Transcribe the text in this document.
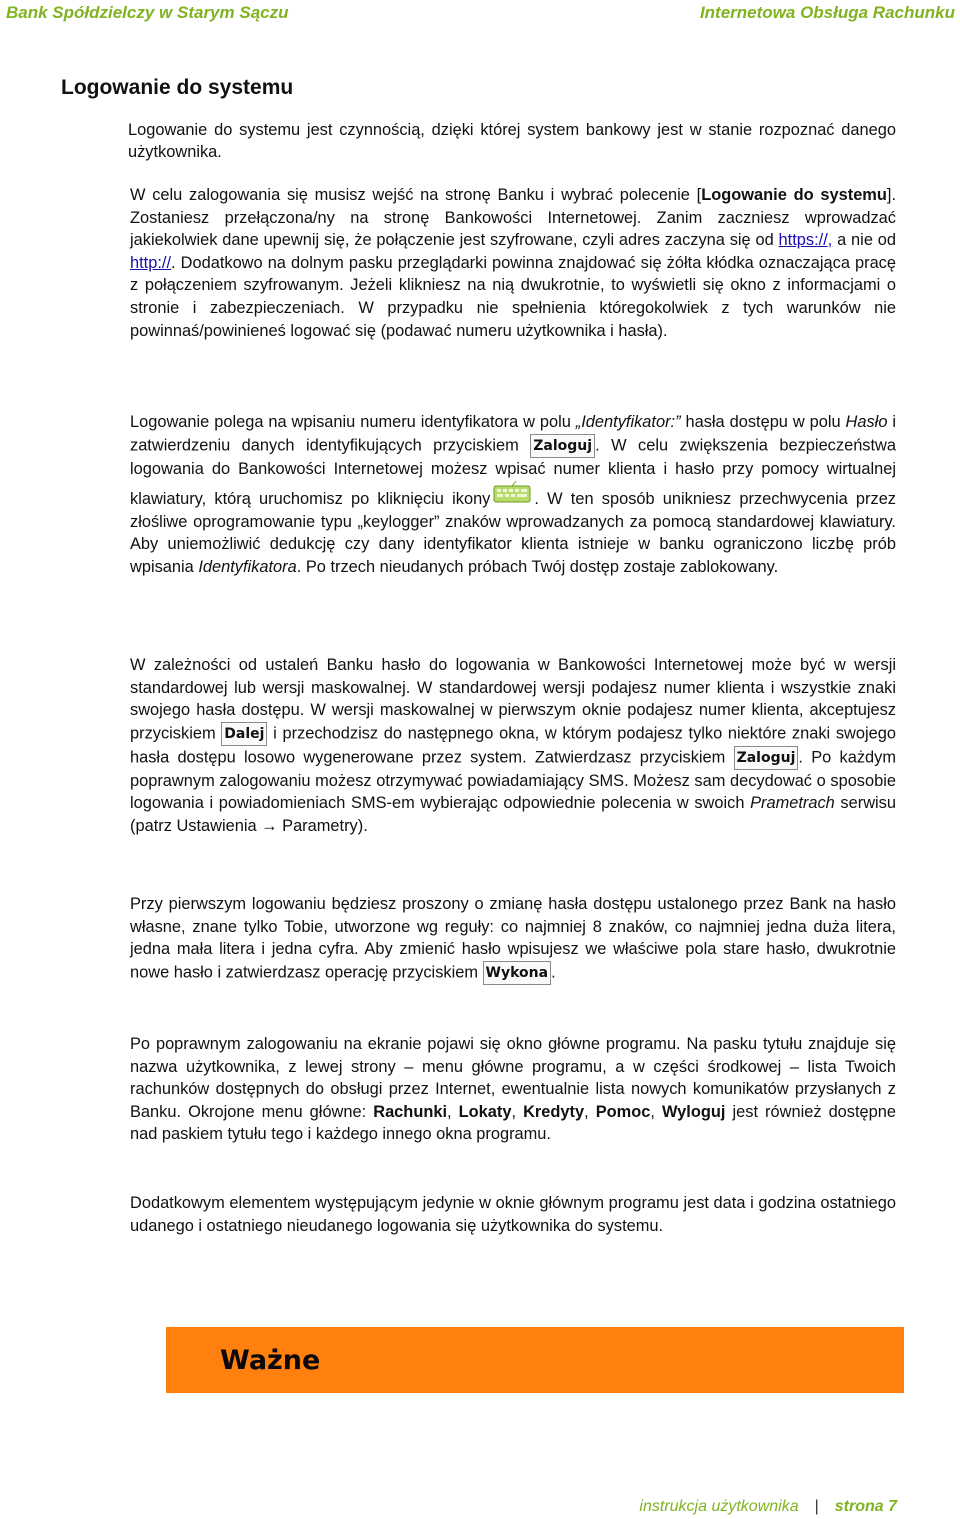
Bank Spółdzielczy w Starym Sączu	Internetowa Obsługa Rachunku
Logowanie do systemu

Logowanie do systemu jest czynnością, dzięki której system bankowy jest w stanie rozpoznać danego użytkownika.

W celu zalogowania się musisz wejść na stronę Banku i wybrać polecenie [Logowanie do systemu]. Zostaniesz przełączona/ny na stronę Bankowości Internetowej. Zanim zaczniesz wprowadzać jakiekolwiek dane upewnij się, że połączenie jest szyfrowane, czyli adres zaczyna się od https://, a nie od http://. Dodatkowo na dolnym pasku przeglądarki powinna znajdować się żółta kłódka oznaczająca pracę z połączeniem szyfrowanym. Jeżeli klikniesz na nią dwukrotnie, to wyświetli się okno z informacjami o stronie i zabezpieczeniach. W przypadku nie spełnienia któregokolwiek z tych warunków nie powinnaś/powinieneś logować się (podawać numeru użytkownika i hasła).

Logowanie polega na wpisaniu numeru identyfikatora w polu „Identyfikator:” hasła dostępu w polu Hasło i zatwierdzeniu danych identyfikujących przyciskiem Zaloguj . W celu zwiększenia bezpieczeństwa logowania do Bankowości Internetowej możesz wpisać numer klienta i hasło przy pomocy wirtualnej klawiatury, którą uruchomisz po kliknięciu ikony	. W ten sposób unikniesz przechwycenia przez złośliwe oprogramowanie typu „keylogger” znaków wprowadzanych za pomocą standardowej klawiatury. Aby uniemożliwić dedukcję czy dany identyfikator klienta istnieje w banku ograniczono liczbę prób wpisania Identyfikatora. Po trzech nieudanych próbach Twój dostęp zostaje zablokowany.

W zależności od ustaleń Banku hasło do logowania w Bankowości Internetowej może być w wersji standardowej lub wersji maskowalnej. W standardowej wersji podajesz numer klienta i wszystkie znaki swojego hasła dostępu. W wersji maskowalnej w pierwszym oknie podajesz numer klienta, akceptujesz przyciskiem Dalej i przechodzisz do następnego okna, w którym podajesz tylko niektóre znaki swojego hasła dostępu losowo wygenerowane przez system. Zatwierdzasz przyciskiem Zaloguj . Po każdym poprawnym zalogowaniu możesz otrzymywać powiadamiający SMS. Możesz sam decydować o sposobie logowania i powiadomieniach SMS-em wybierając odpowiednie polecenia w swoich Prametrach serwisu (patrz Ustawienia → Parametry).

Przy pierwszym logowaniu będziesz proszony o zmianę hasła dostępu ustalonego przez Bank na hasło własne, znane tylko Tobie, utworzone wg reguły: co najmniej 8 znaków, co najmniej jedna duża litera, jedna mała litera i jedna cyfra. Aby zmienić hasło wpisujesz we właściwe pola stare hasło, dwukrotnie nowe hasło i zatwierdzasz operację przyciskiem Wykona .

Po poprawnym zalogowaniu na ekranie pojawi się okno główne programu. Na pasku tytułu znajduje się nazwa użytkownika, z lewej strony – menu główne programu, a w części środkowej – lista Twoich rachunków dostępnych do obsługi przez Internet, ewentualnie lista nowych komunikatów przysłanych z Banku. Okrojone menu główne: Rachunki, Lokaty, Kredyty, Pomoc, Wyloguj jest również dostępne nad paskiem tytułu tego i każdego innego okna programu.

Dodatkowym elementem występującym jedynie w oknie głównym programu jest data i godzina ostatniego udanego i ostatniego nieudanego logowania się użytkownika do systemu.

Ważne
instrukcja użytkownika | strona 7
